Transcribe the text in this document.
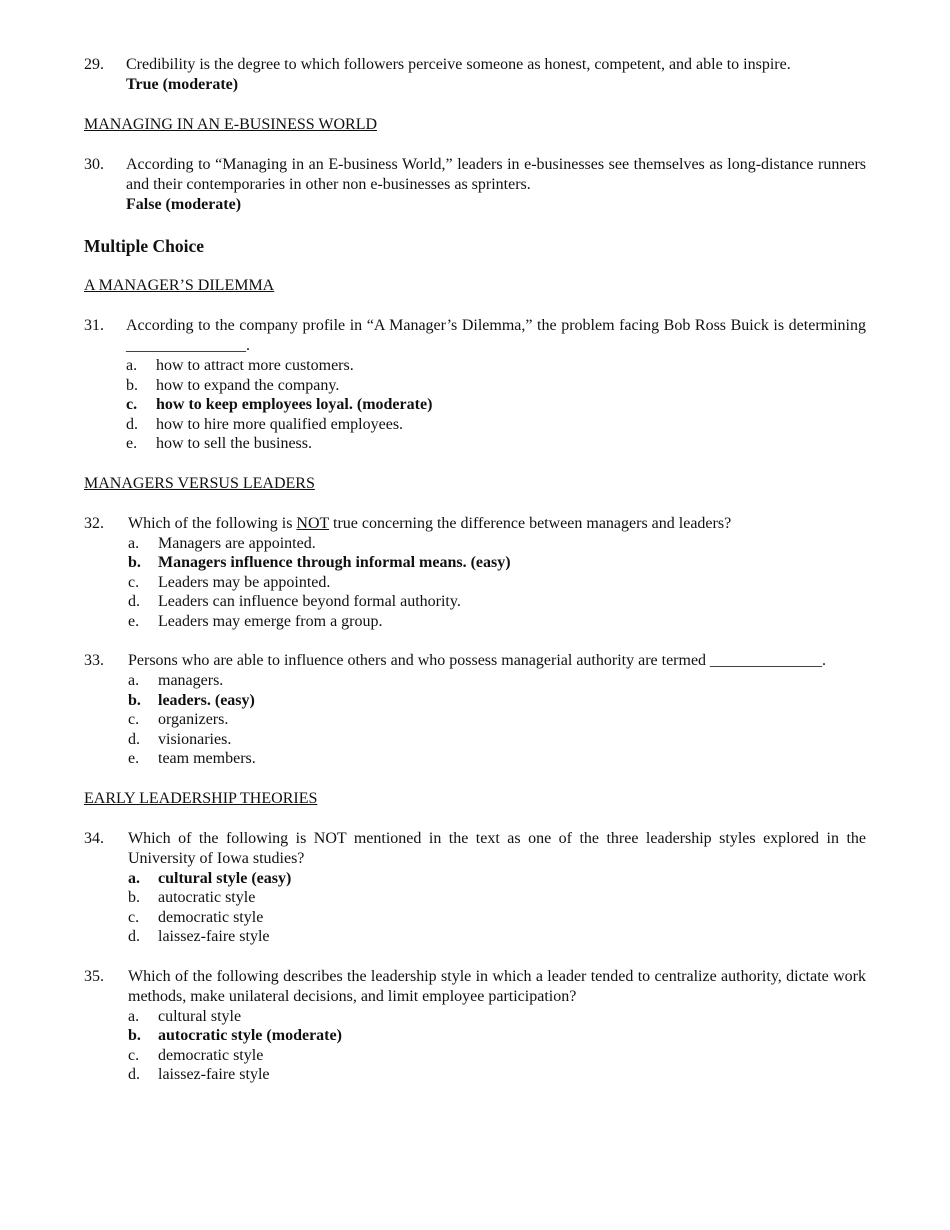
29. Credibility is the degree to which followers perceive someone as honest, competent, and able to inspire.
True (moderate)
MANAGING IN AN E-BUSINESS WORLD
30. According to “Managing in an E-business World,” leaders in e-businesses see themselves as long-distance runners and their contemporaries in other non e-businesses as sprinters.
False (moderate)
Multiple Choice
A MANAGER’S DILEMMA
31. According to the company profile in “A Manager’s Dilemma,” the problem facing Bob Ross Buick is determining _______________.
a. how to attract more customers.
b. how to expand the company.
c. how to keep employees loyal. (moderate)
d. how to hire more qualified employees.
e. how to sell the business.
MANAGERS VERSUS LEADERS
32. Which of the following is NOT true concerning the difference between managers and leaders?
a. Managers are appointed.
b. Managers influence through informal means. (easy)
c. Leaders may be appointed.
d. Leaders can influence beyond formal authority.
e. Leaders may emerge from a group.
33. Persons who are able to influence others and who possess managerial authority are termed ______________.
a. managers.
b. leaders. (easy)
c. organizers.
d. visionaries.
e. team members.
EARLY LEADERSHIP THEORIES
34. Which of the following is NOT mentioned in the text as one of the three leadership styles explored in the University of Iowa studies?
a. cultural style (easy)
b. autocratic style
c. democratic style
d. laissez-faire style
35. Which of the following describes the leadership style in which a leader tended to centralize authority, dictate work methods, make unilateral decisions, and limit employee participation?
a. cultural style
b. autocratic style (moderate)
c. democratic style
d. laissez-faire style
